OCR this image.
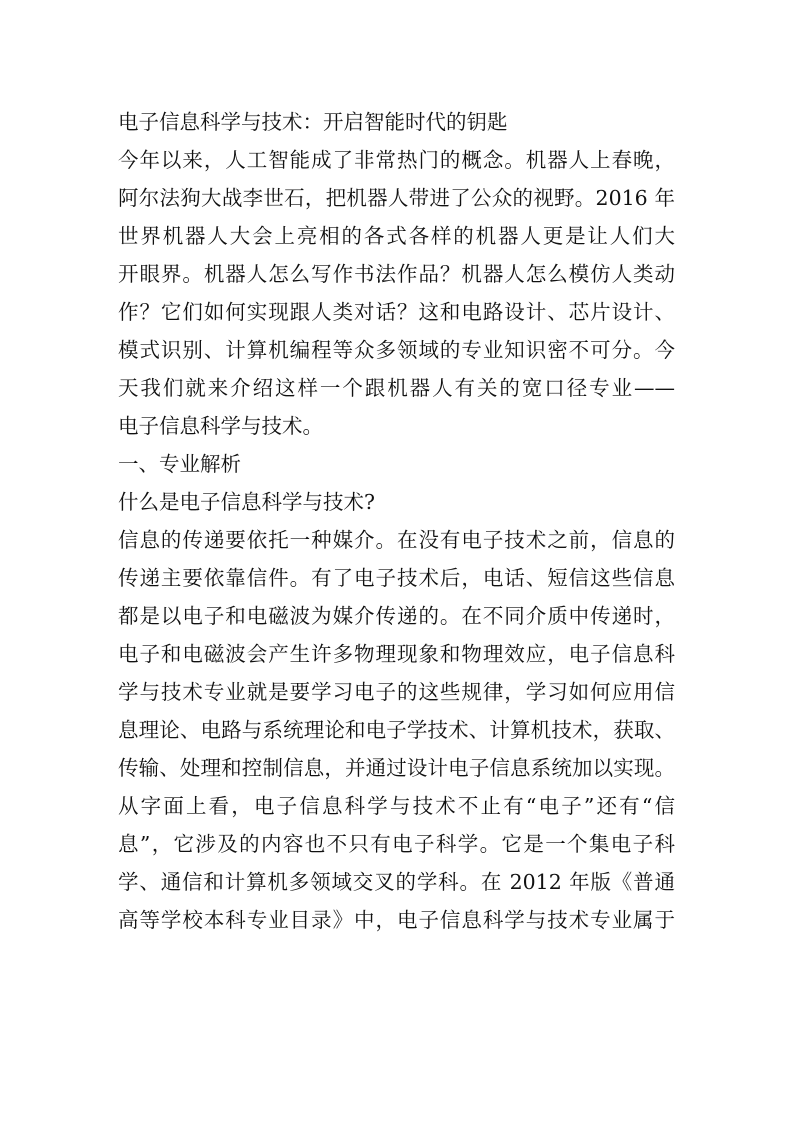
电子信息科学与技术：开启智能时代的钥匙
今年以来，人工智能成了非常热门的概念。机器人上春晚，
阿尔法狗大战李世石，把机器人带进了公众的视野。2016 年
世界机器人大会上亮相的各式各样的机器人更是让人们大
开眼界。机器人怎么写作书法作品？机器人怎么模仿人类动
作？它们如何实现跟人类对话？这和电路设计、芯片设计、
模式识别、计算机编程等众多领域的专业知识密不可分。今
天我们就来介绍这样一个跟机器人有关的宽口径专业——
电子信息科学与技术。
一、专业解析
什么是电子信息科学与技术?
信息的传递要依托一种媒介。在没有电子技术之前，信息的
传递主要依靠信件。有了电子技术后，电话、短信这些信息
都是以电子和电磁波为媒介传递的。在不同介质中传递时，
电子和电磁波会产生许多物理现象和物理效应，电子信息科
学与技术专业就是要学习电子的这些规律，学习如何应用信
息理论、电路与系统理论和电子学技术、计算机技术，获取、
传输、处理和控制信息，并通过设计电子信息系统加以实现。
从字面上看，电子信息科学与技术不止有“电子”还有“信
息”，它涉及的内容也不只有电子科学。它是一个集电子科
学、通信和计算机多领域交叉的学科。在 2012 年版《普通
高等学校本科专业目录》中，电子信息科学与技术专业属于
